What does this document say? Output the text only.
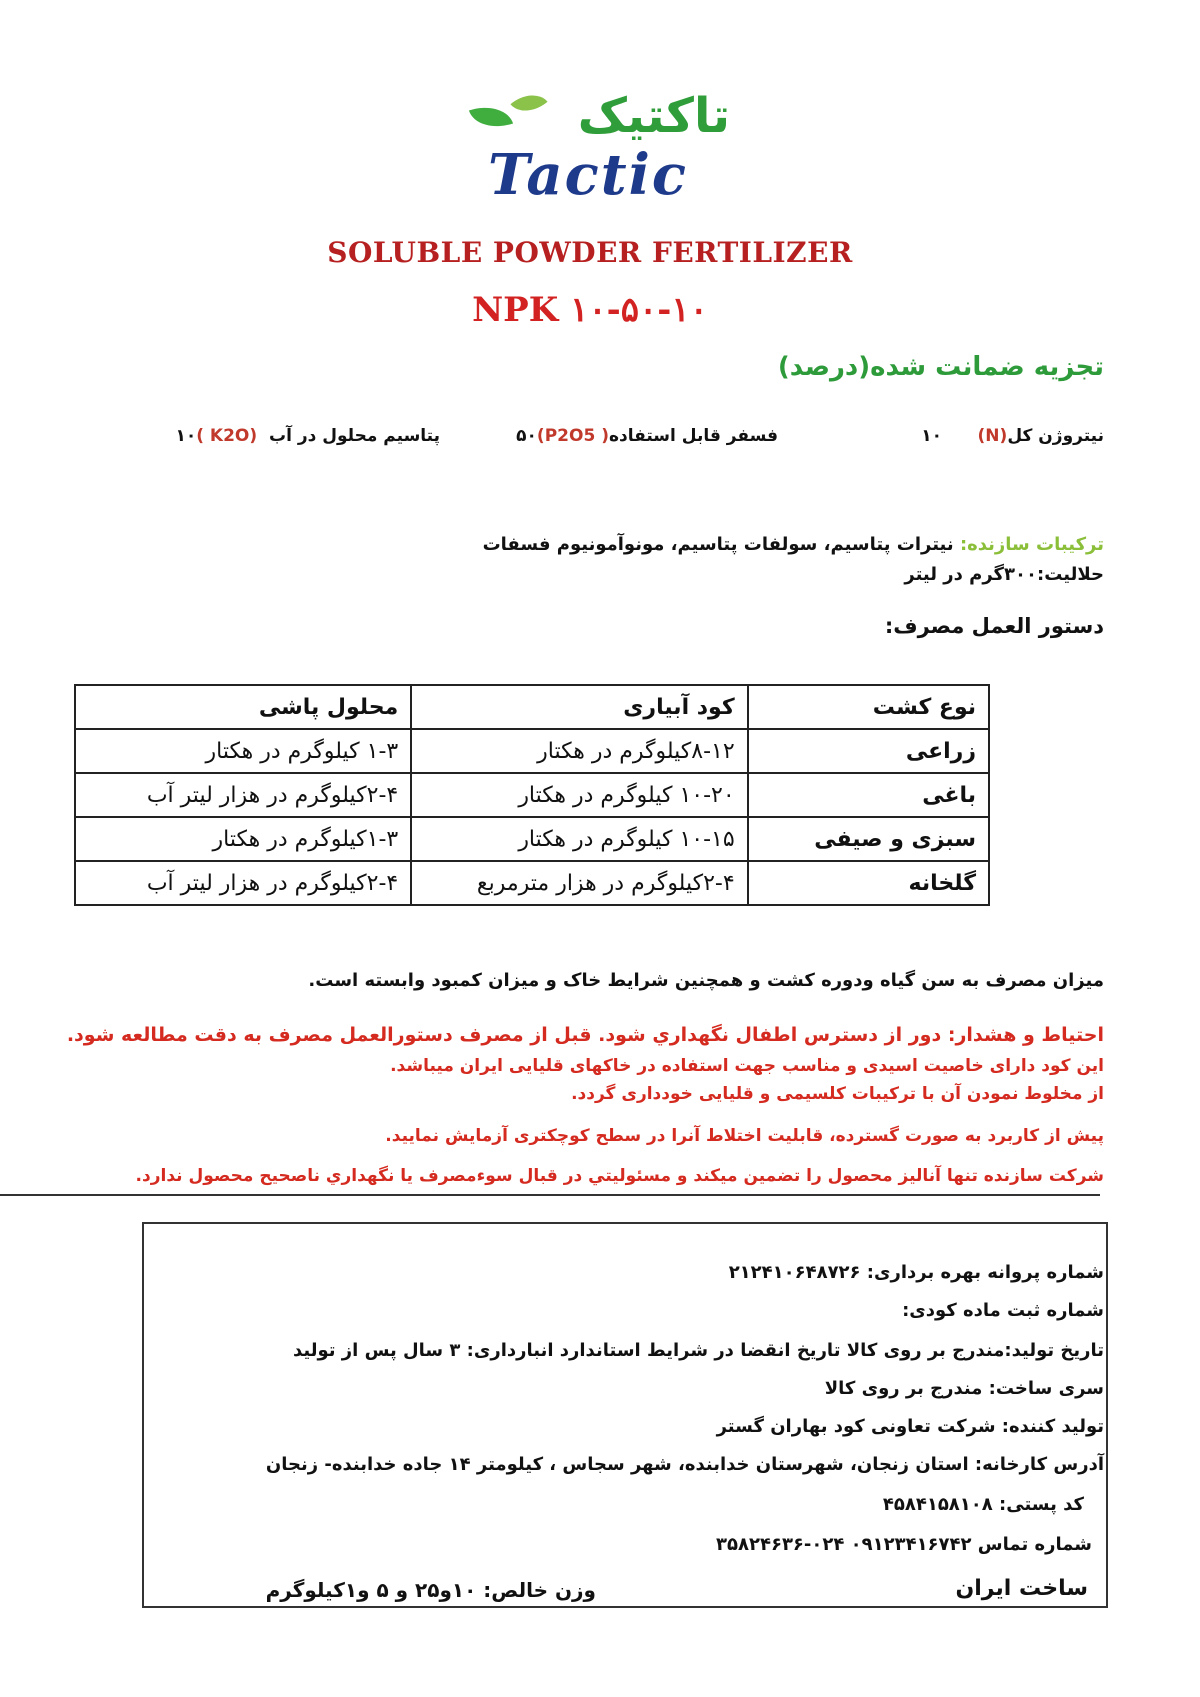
تاکتیک
Tactic
SOLUBLE POWDER FERTILIZER
NPK ۱۰-۵۰-۱۰
تجزیه ضمانت شده(درصد)
نیتروژن کل(N)      ۱۰
فسفر قابل استفاده( P2O5)۵۰
پتاسیم محلول در آب  (K2O )۱۰
ترکیبات سازنده: نیترات پتاسیم، سولفات پتاسیم، مونوآمونیوم فسفات
حلالیت:۳۰۰گرم در لیتر
دستور العمل مصرف:
نوع کشت	کود آبیاری	محلول پاشی
زراعی	۸-۱۲کیلوگرم در هکتار	۱-۳ کیلوگرم در هکتار
باغی	۱۰-۲۰ کیلوگرم در هکتار	۲-۴کیلوگرم در هزار لیتر آب
سبزی و صیفی	۱۰-۱۵ کیلوگرم در هکتار	۱-۳کیلوگرم در هکتار
گلخانه	۲-۴کیلوگرم در هزار مترمربع	۲-۴کیلوگرم در هزار لیتر آب
میزان مصرف به سن گیاه ودوره کشت و همچنین شرایط خاک و میزان کمبود وابسته است.
احتیاط و هشدار: دور از دسترس اطفال نگهداري شود. قبل از مصرف دستورالعمل مصرف به دقت مطالعه شود.
این کود دارای خاصیت اسیدی و مناسب جهت استفاده در خاکهای قلیایی ایران میباشد.
از مخلوط نمودن آن با ترکیبات کلسیمی و قلیایی خودداری گردد.
پیش از کاربرد به صورت گسترده، قابلیت اختلاط آنرا در سطح کوچکتری آزمایش نمایید.
شرکت سازنده تنها آنالیز محصول را تضمین میکند و مسئولیتي در قبال سوءمصرف یا نگهداري ناصحیح محصول ندارد.
شماره پروانه بهره برداری: ۲۱۲۴۱۰۶۴۸۷۲۶
شماره ثبت ماده کودی:
تاریخ تولید:مندرج بر روی کالا تاریخ انقضا در شرایط استاندارد انبارداری: ۳ سال پس از تولید
سری ساخت: مندرج بر روی کالا
تولید کننده: شرکت تعاونی کود بهاران گستر
آدرس کارخانه: استان زنجان، شهرستان خدابنده، شهر سجاس ، کیلومتر ۱۴ جاده خدابنده- زنجان
کد پستی: ۴۵۸۴۱۵۸۱۰۸
شماره تماس ۰۹۱۲۳۴۱۶۷۴۲ ۰۲۴-۳۵۸۲۴۶۳۶
ساخت ایران
وزن خالص: ۱۰و۲۵ و ۵ و۱کیلوگرم
